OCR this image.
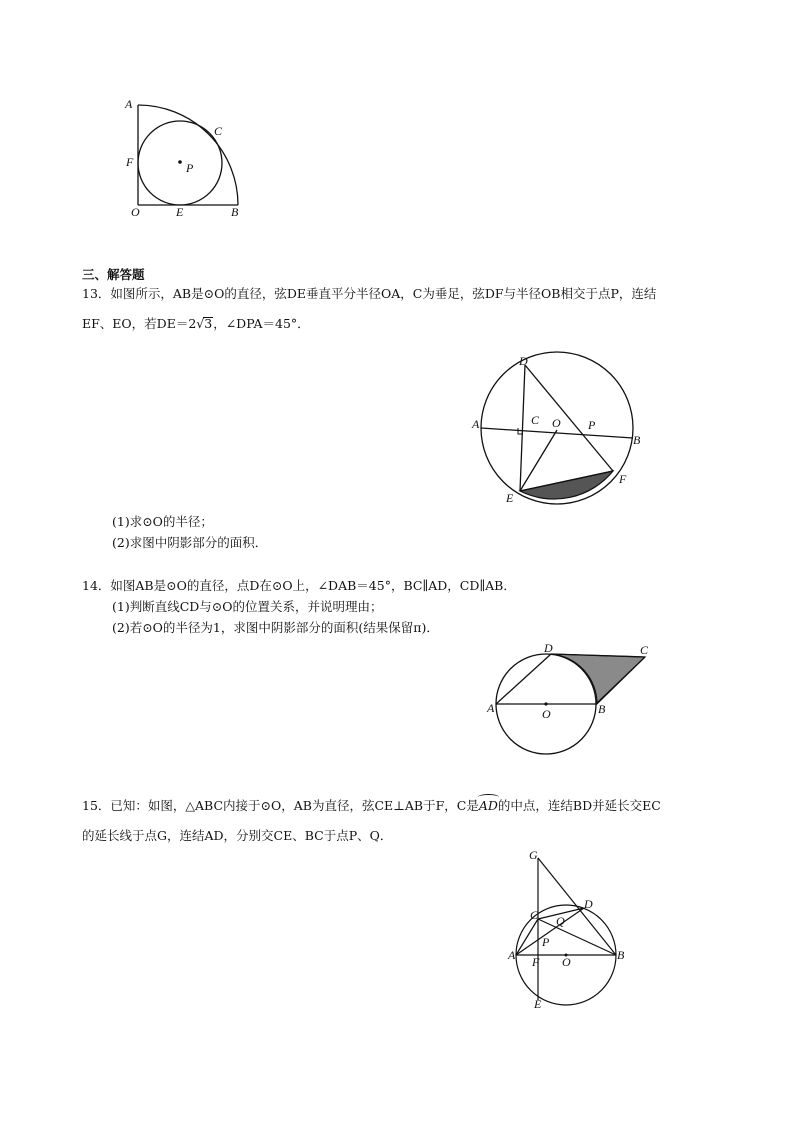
A
C
F	P
O	E	B
三、解答题
13．如图所示，AB是⊙O的直径，弦DE垂直平分半径OA，C为垂足，弦DF与半径OB相交于点P，连结
EF、EO，若DE＝2√3，∠DPA＝45°．
D
A	C O P
B
E
F
(1)求⊙O的半径；
(2)求图中阴影部分的面积．
14．如图AB是⊙O的直径，点D在⊙O上，∠DAB＝45°，BC∥AD，CD∥AB．
(1)判断直线CD与⊙O的位置关系，并说明理由；
(2)若⊙O的半径为1，求图中阴影部分的面积(结果保留π)．
D	C
A	O	B
15．已知：如图，△ABC内接于⊙O，AB为直径，弦CE⊥AB于F，C是AD的中点，连结BD并延长交EC
的延长线于点G，连结AD，分别交CE、BC于点P、Q．
G
C Q
D
P
A F O	B
E
